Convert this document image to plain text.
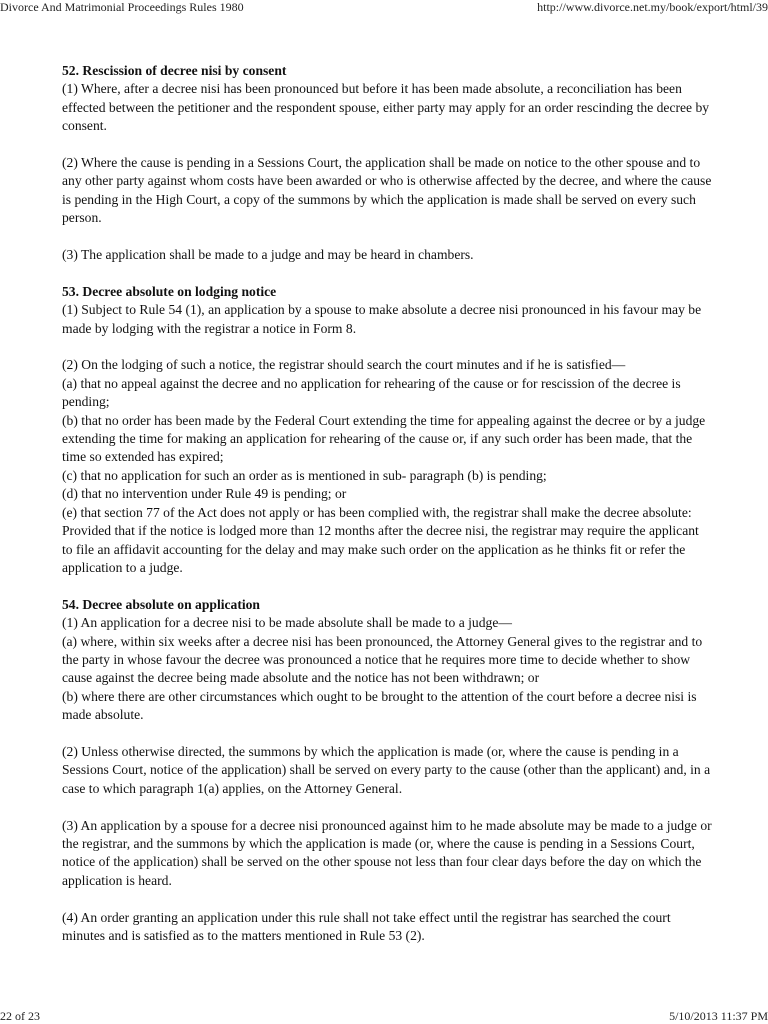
Divorce And Matrimonial Proceedings Rules 1980	http://www.divorce.net.my/book/export/html/39
52. Rescission of decree nisi by consent
(1) Where, after a decree nisi has been pronounced but before it has been made absolute, a reconciliation has been effected between the petitioner and the respondent spouse, either party may apply for an order rescinding the decree by consent.
(2) Where the cause is pending in a Sessions Court, the application shall be made on notice to the other spouse and to any other party against whom costs have been awarded or who is otherwise affected by the decree, and where the cause is pending in the High Court, a copy of the summons by which the application is made shall be served on every such person.
(3) The application shall be made to a judge and may be heard in chambers.
53. Decree absolute on lodging notice
(1) Subject to Rule 54 (1), an application by a spouse to make absolute a decree nisi pronounced in his favour may be made by lodging with the registrar a notice in Form 8.
(2) On the lodging of such a notice, the registrar should search the court minutes and if he is satisfied—
(a) that no appeal against the decree and no application for rehearing of the cause or for rescission of the decree is pending;
(b) that no order has been made by the Federal Court extending the time for appealing against the decree or by a judge extending the time for making an application for rehearing of the cause or, if any such order has been made, that the time so extended has expired;
(c) that no application for such an order as is mentioned in sub- paragraph (b) is pending;
(d) that no intervention under Rule 49 is pending; or
(e) that section 77 of the Act does not apply or has been complied with, the registrar shall make the decree absolute: Provided that if the notice is lodged more than 12 months after the decree nisi, the registrar may require the applicant to file an affidavit accounting for the delay and may make such order on the application as he thinks fit or refer the application to a judge.
54. Decree absolute on application
(1) An application for a decree nisi to be made absolute shall be made to a judge—
(a) where, within six weeks after a decree nisi has been pronounced, the Attorney General gives to the registrar and to the party in whose favour the decree was pronounced a notice that he requires more time to decide whether to show cause against the decree being made absolute and the notice has not been withdrawn; or
(b) where there are other circumstances which ought to be brought to the attention of the court before a decree nisi is made absolute.
(2) Unless otherwise directed, the summons by which the application is made (or, where the cause is pending in a Sessions Court, notice of the application) shall be served on every party to the cause (other than the applicant) and, in a case to which paragraph 1(a) applies, on the Attorney General.
(3) An application by a spouse for a decree nisi pronounced against him to he made absolute may be made to a judge or the registrar, and the summons by which the application is made (or, where the cause is pending in a Sessions Court, notice of the application) shall be served on the other spouse not less than four clear days before the day on which the application is heard.
(4) An order granting an application under this rule shall not take effect until the registrar has searched the court minutes and is satisfied as to the matters mentioned in Rule 53 (2).
22 of 23	5/10/2013 11:37 PM
